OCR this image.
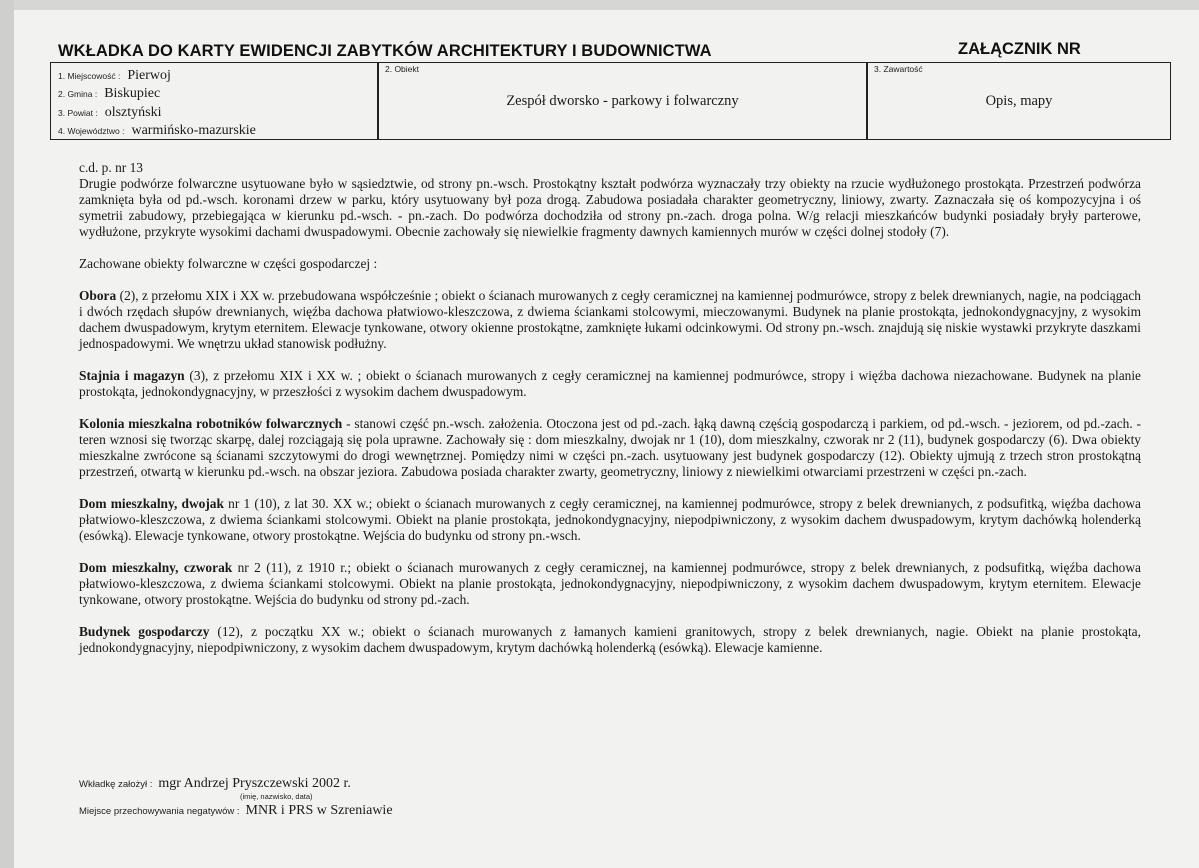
WKŁADKA DO KARTY EWIDENCJI ZABYTKÓW ARCHITEKTURY I BUDOWNICTWA	ZAŁĄCZNIK NR
1. Miejscowość : Pierwoj
2. Gmina : Biskupiec
3. Powiat : olsztyński
4. Województwo : warmińsko-mazurskie
2. Obiekt
Zespół dworsko - parkowy i folwarczny
3. Zawartość
Opis, mapy

c.d. p. nr 13

Drugie podwórze folwarczne usytuowane było w sąsiedztwie, od strony pn.-wsch. Prostokątny kształt podwórza wyznaczały trzy obiekty na rzucie wydłużonego prostokąta. Przestrzeń podwórza zamknięta była od pd.-wsch. koronami drzew w parku, który usytuowany był poza drogą. Zabudowa posiadała charakter geometryczny, liniowy, zwarty. Zaznaczała się oś kompozycyjna i oś symetrii zabudowy, przebiegająca w kierunku pd.-wsch. - pn.-zach. Do podwórza dochodziła od strony pn.-zach. droga polna. W/g relacji mieszkańców budynki posiadały bryły parterowe, wydłużone, przykryte wysokimi dachami dwuspadowymi. Obecnie zachowały się niewielkie fragmenty dawnych kamiennych murów w części dolnej stodoły (7).

Zachowane obiekty folwarczne w części gospodarczej :

Obora (2), z przełomu XIX i XX w. przebudowana współcześnie ; obiekt o ścianach murowanych z cegły ceramicznej na kamiennej podmurówce, stropy z belek drewnianych, nagie, na podciągach i dwóch rzędach słupów drewnianych, więźba dachowa płatwiowo-kleszczowa, z dwiema ściankami stolcowymi, mieczowanymi. Budynek na planie prostokąta, jednokondygnacyjny, z wysokim dachem dwuspadowym, krytym eternitem. Elewacje tynkowane, otwory okienne prostokątne, zamknięte łukami odcinkowymi. Od strony pn.-wsch. znajdują się niskie wystawki przykryte daszkami jednospadowymi. We wnętrzu układ stanowisk podłużny.

Stajnia i magazyn (3), z przełomu XIX i XX w. ; obiekt o ścianach murowanych z cegły ceramicznej na kamiennej podmurówce, stropy i więźba dachowa niezachowane. Budynek na planie prostokąta, jednokondygnacyjny, w przeszłości z wysokim dachem dwuspadowym.

Kolonia mieszkalna robotników folwarcznych - stanowi część pn.-wsch. założenia. Otoczona jest od pd.-zach. łąką dawną częścią gospodarczą i parkiem, od pd.-wsch. - jeziorem, od pd.-zach. - teren wznosi się tworząc skarpę, dalej rozciągają się pola uprawne. Zachowały się : dom mieszkalny, dwojak nr 1 (10), dom mieszkalny, czworak nr 2 (11), budynek gospodarczy (6). Dwa obiekty mieszkalne zwrócone są ścianami szczytowymi do drogi wewnętrznej. Pomiędzy nimi w części pn.-zach. usytuowany jest budynek gospodarczy (12). Obiekty ujmują z trzech stron prostokątną przestrzeń, otwartą w kierunku pd.-wsch. na obszar jeziora. Zabudowa posiada charakter zwarty, geometryczny, liniowy z niewielkimi otwarciami przestrzeni w części pn.-zach.

Dom mieszkalny, dwojak nr 1 (10), z lat 30. XX w.; obiekt o ścianach murowanych z cegły ceramicznej, na kamiennej podmurówce, stropy z belek drewnianych, z podsufitką, więźba dachowa płatwiowo-kleszczowa, z dwiema ściankami stolcowymi. Obiekt na planie prostokąta, jednokondygnacyjny, niepodpiwniczony, z wysokim dachem dwuspadowym, krytym dachówką holenderką (esówką). Elewacje tynkowane, otwory prostokątne. Wejścia do budynku od strony pn.-wsch.

Dom mieszkalny, czworak nr 2 (11), z 1910 r.; obiekt o ścianach murowanych z cegły ceramicznej, na kamiennej podmurówce, stropy z belek drewnianych, z podsufitką, więźba dachowa płatwiowo-kleszczowa, z dwiema ściankami stolcowymi. Obiekt na planie prostokąta, jednokondygnacyjny, niepodpiwniczony, z wysokim dachem dwuspadowym, krytym eternitem. Elewacje tynkowane, otwory prostokątne. Wejścia do budynku od strony pd.-zach.

Budynek gospodarczy (12), z początku XX w.; obiekt o ścianach murowanych z łamanych kamieni granitowych, stropy z belek drewnianych, nagie. Obiekt na planie prostokąta, jednokondygnacyjny, niepodpiwniczony, z wysokim dachem dwuspadowym, krytym dachówką holenderką (esówką). Elewacje kamienne.

Wkładkę założył : mgr Andrzej Pryszczewski 2002 r.
(imię, nazwisko, data)
Miejsce przechowywania negatywów : MNR i PRS w Szreniawie
